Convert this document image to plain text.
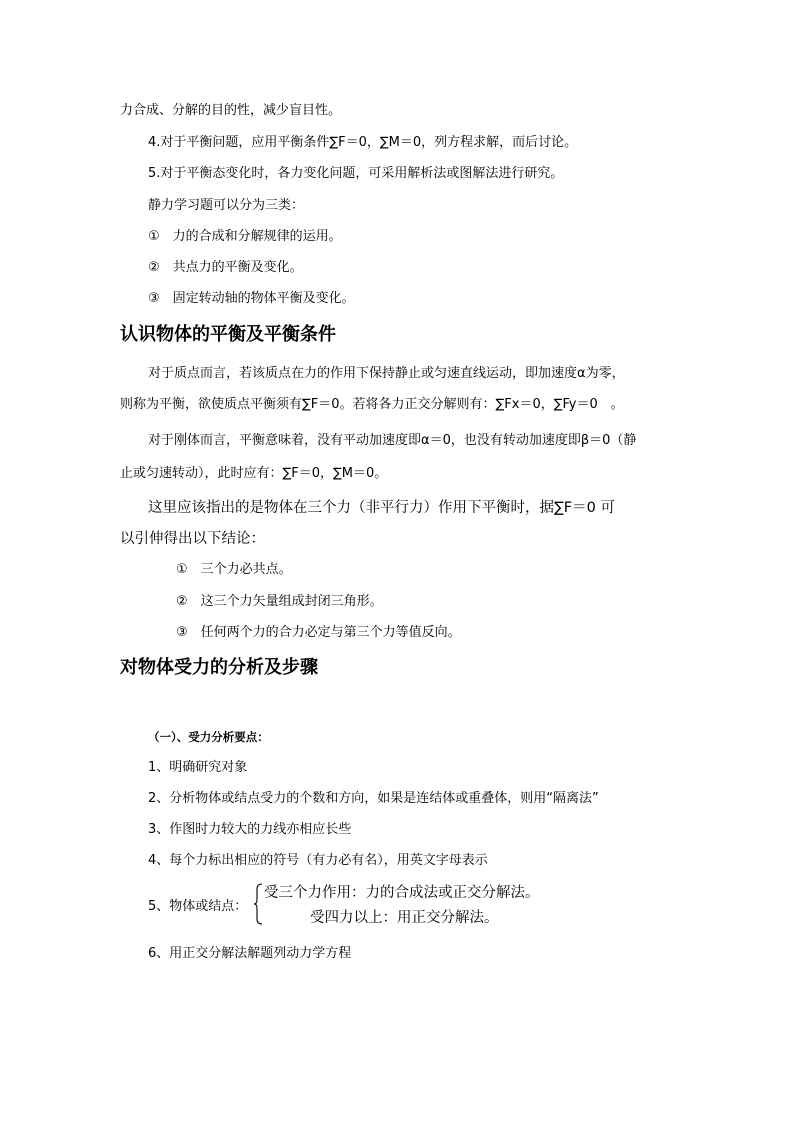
力合成、分解的目的性，减少盲目性。
4.对于平衡问题，应用平衡条件∑F＝0，∑M＝0，列方程求解，而后讨论。
5.对于平衡态变化时，各力变化问题，可采用解析法或图解法进行研究。
静力学习题可以分为三类：
①　力的合成和分解规律的运用。
②　共点力的平衡及变化。
③　固定转动轴的物体平衡及变化。
认识物体的平衡及平衡条件
对于质点而言，若该质点在力的作用下保持静止或匀速直线运动，即加速度α为零，
则称为平衡，欲使质点平衡须有∑F＝0。若将各力正交分解则有：∑Fx＝0，∑Fy＝0　。
对于刚体而言，平衡意味着，没有平动加速度即α＝0，也没有转动加速度即β＝0（静
止或匀速转动），此时应有：∑F＝0，∑M＝0。
这里应该指出的是物体在三个力（非平行力）作用下平衡时，据∑F＝0 可
以引伸得出以下结论：
①　三个力必共点。
②　这三个力矢量组成封闭三角形。
③　任何两个力的合力必定与第三个力等值反向。
对物体受力的分析及步骤
（一）、受力分析要点：
1、明确研究对象
2、分析物体或结点受力的个数和方向，如果是连结体或重叠体，则用“隔离法”
3、作图时力较大的力线亦相应长些
4、每个力标出相应的符号（有力必有名），用英文字母表示
5、物体或结点：
受三个力作用：力的合成法或正交分解法。
受四力以上：用正交分解法。
6、用正交分解法解题列动力学方程
